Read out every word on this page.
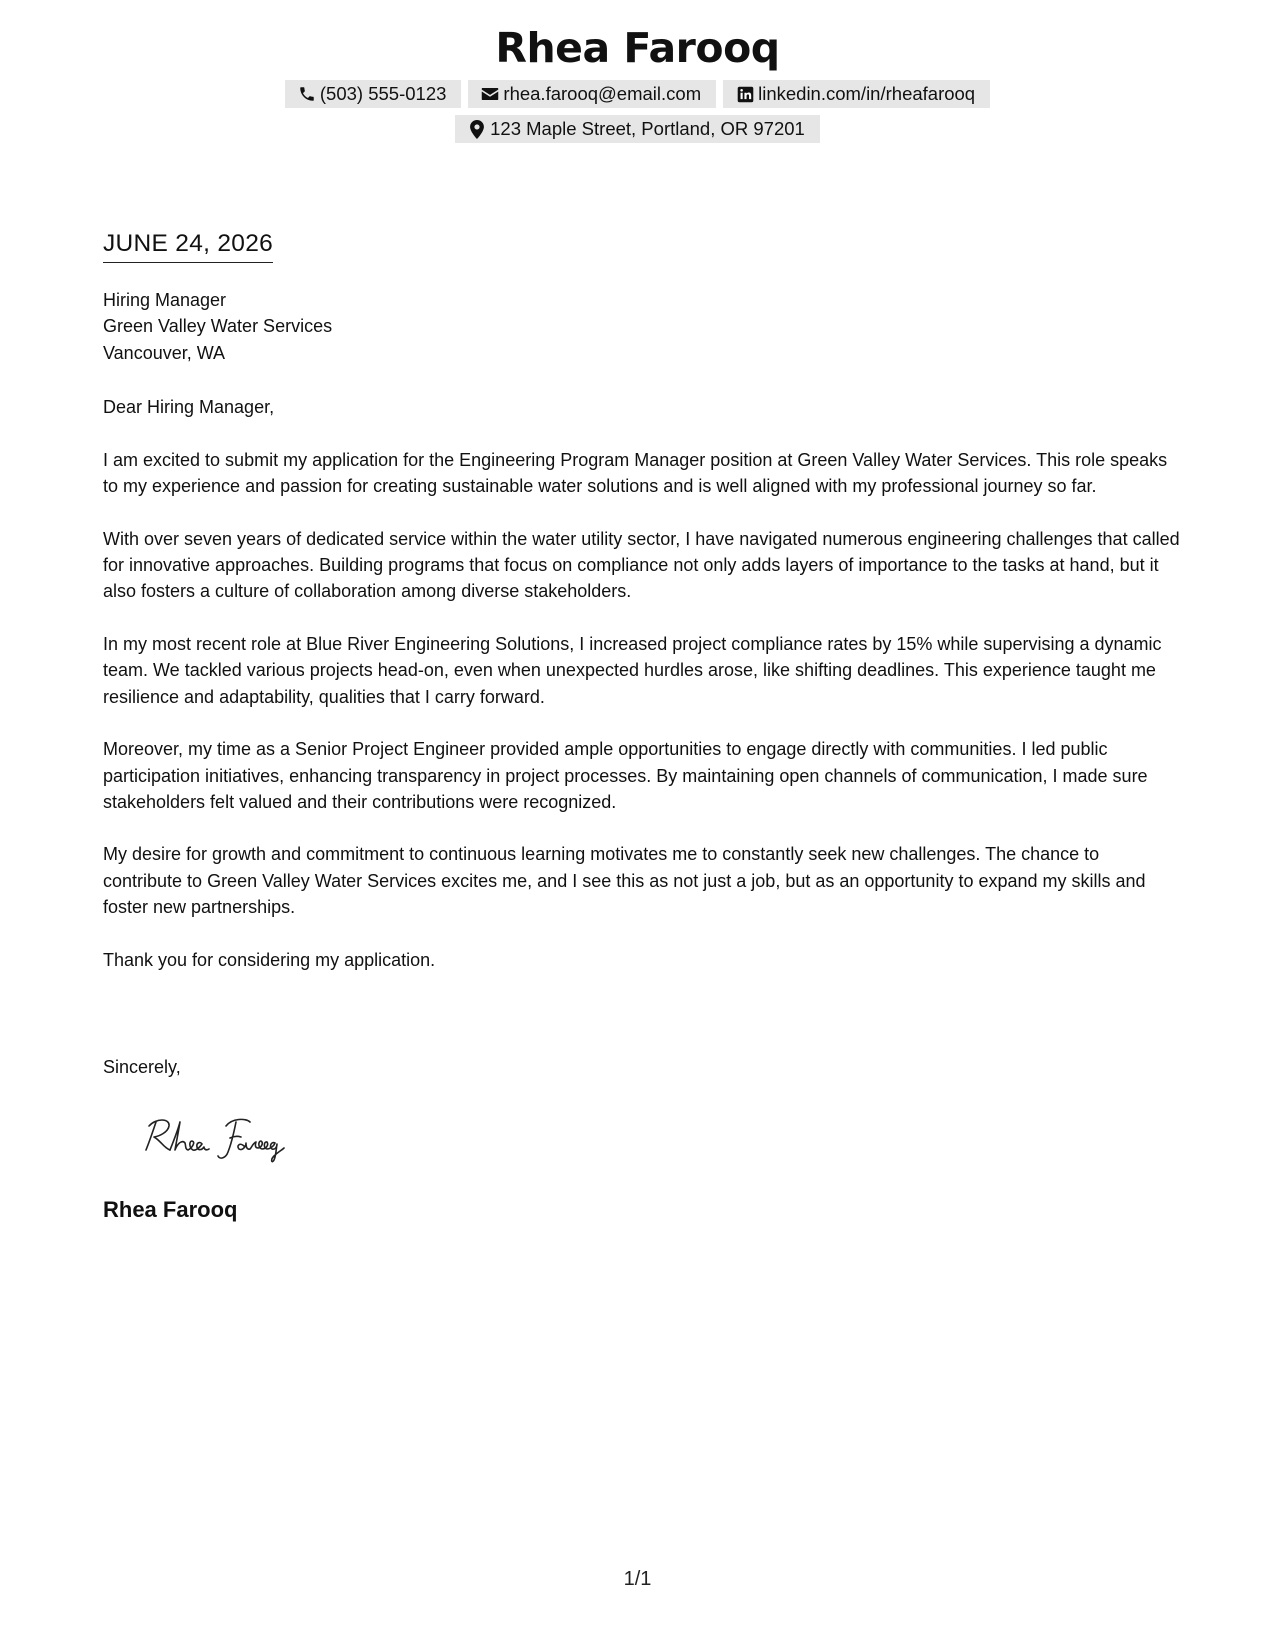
Rhea Farooq
(503) 555-0123	rhea.farooq@email.com	linkedin.com/in/rheafarooq
123 Maple Street, Portland, OR 97201
JUNE 24, 2026
Hiring Manager
Green Valley Water Services
Vancouver, WA
Dear Hiring Manager,

I am excited to submit my application for the Engineering Program Manager position at Green Valley Water Services. This role speaks to my experience and passion for creating sustainable water solutions and is well aligned with my professional journey so far.

With over seven years of dedicated service within the water utility sector, I have navigated numerous engineering challenges that called for innovative approaches. Building programs that focus on compliance not only adds layers of importance to the tasks at hand, but it also fosters a culture of collaboration among diverse stakeholders.

In my most recent role at Blue River Engineering Solutions, I increased project compliance rates by 15% while supervising a dynamic team. We tackled various projects head-on, even when unexpected hurdles arose, like shifting deadlines. This experience taught me resilience and adaptability, qualities that I carry forward.

Moreover, my time as a Senior Project Engineer provided ample opportunities to engage directly with communities. I led public participation initiatives, enhancing transparency in project processes. By maintaining open channels of communication, I made sure stakeholders felt valued and their contributions were recognized.

My desire for growth and commitment to continuous learning motivates me to constantly seek new challenges. The chance to contribute to Green Valley Water Services excites me, and I see this as not just a job, but as an opportunity to expand my skills and foster new partnerships.

Thank you for considering my application.

Sincerely,
Rhea Farooq
1/1
